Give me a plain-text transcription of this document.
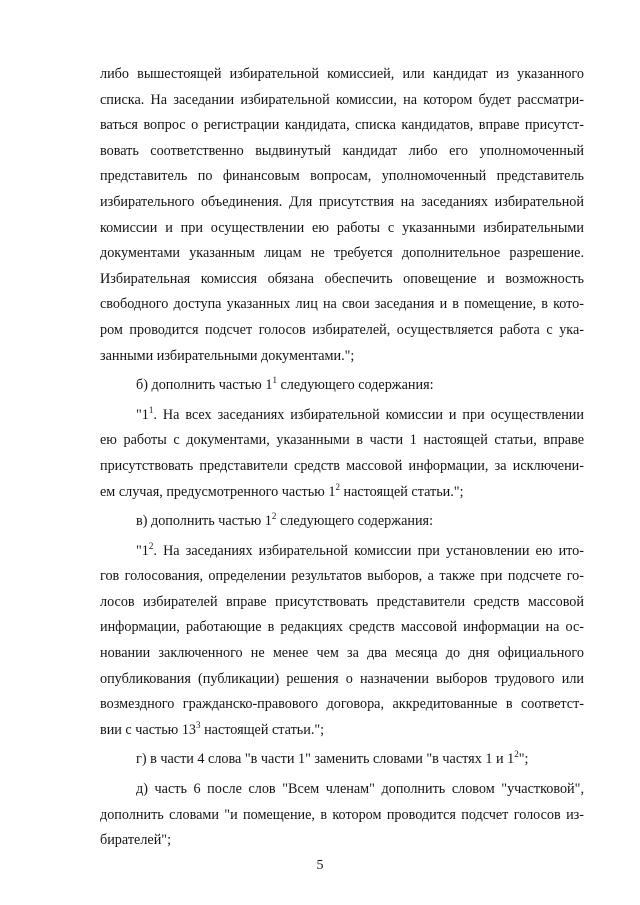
либо вышестоящей избирательной комиссией, или кандидат из указанного
списка. На заседании избирательной комиссии, на котором будет рассматри-
ваться вопрос о регистрации кандидата, списка кандидатов, вправе присутст-
вовать соответственно выдвинутый кандидат либо его уполномоченный
представитель по финансовым вопросам, уполномоченный представитель
избирательного объединения. Для присутствия на заседаниях избирательной
комиссии и при осуществлении ею работы с указанными избирательными
документами указанным лицам не требуется дополнительное разрешение.
Избирательная комиссия обязана обеспечить оповещение и возможность
свободного доступа указанных лиц на свои заседания и в помещение, в кото-
ром проводится подсчет голосов избирателей, осуществляется работа с ука-
занными избирательными документами.";
б) дополнить частью $1^1$ следующего содержания:
"$1^1$. На всех заседаниях избирательной комиссии и при осуществлении
ею работы с документами, указанными в части 1 настоящей статьи, вправе
присутствовать представители средств массовой информации, за исключени-
ем случая, предусмотренного частью $1^2$ настоящей статьи.";
в) дополнить частью $1^2$ следующего содержания:
"$1^2$. На заседаниях избирательной комиссии при установлении ею ито-
гов голосования, определении результатов выборов, а также при подсчете го-
лосов избирателей вправе присутствовать представители средств массовой
информации, работающие в редакциях средств массовой информации на ос-
новании заключенного не менее чем за два месяца до дня официального
опубликования (публикации) решения о назначении выборов трудового или
возмездного гражданско-правового договора, аккредитованные в соответст-
вии с частью $13^3$ настоящей статьи.";
г) в части 4 слова "в части 1" заменить словами "в частях 1 и $1^2$";
д) часть 6 после слов "Всем членам" дополнить словом "участковой",
дополнить словами "и помещение, в котором проводится подсчет голосов из-
бирателей";
5
